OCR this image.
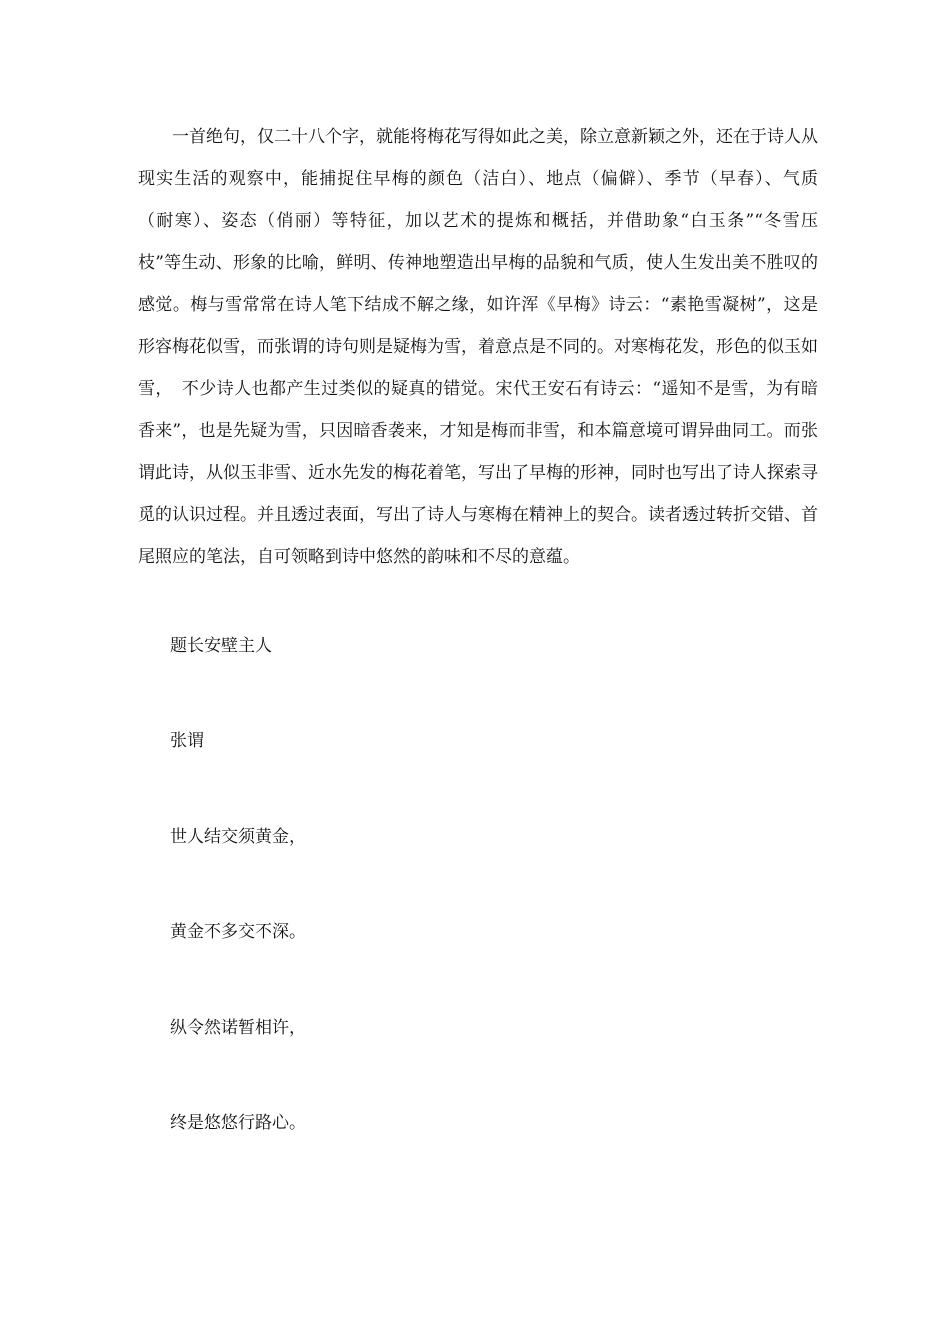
　　一首绝句，仅二十八个字，就能将梅花写得如此之美，除立意新颖之外，还在于诗人从
现实生活的观察中，能捕捉住早梅的颜色（洁白）、地点（偏僻）、季节（早春）、气质
（耐寒）、姿态（俏丽）等特征，加以艺术的提炼和概括，并借助象“白玉条”“冬雪压
枝”等生动、形象的比喻，鲜明、传神地塑造出早梅的品貌和气质，使人生发出美不胜叹的
感觉。梅与雪常常在诗人笔下结成不解之缘，如许浑《早梅》诗云：“素艳雪凝树”，这是
形容梅花似雪，而张谓的诗句则是疑梅为雪，着意点是不同的。对寒梅花发，形色的似玉如
雪，　不少诗人也都产生过类似的疑真的错觉。宋代王安石有诗云：“遥知不是雪，为有暗
香来”，也是先疑为雪，只因暗香袭来，才知是梅而非雪，和本篇意境可谓异曲同工。而张
谓此诗，从似玉非雪、近水先发的梅花着笔，写出了早梅的形神，同时也写出了诗人探索寻
觅的认识过程。并且透过表面，写出了诗人与寒梅在精神上的契合。读者透过转折交错、首
尾照应的笔法，自可领略到诗中悠然的韵味和不尽的意蕴。
题长安壁主人
张谓
世人结交须黄金，
黄金不多交不深。
纵令然诺暂相许，
终是悠悠行路心。
